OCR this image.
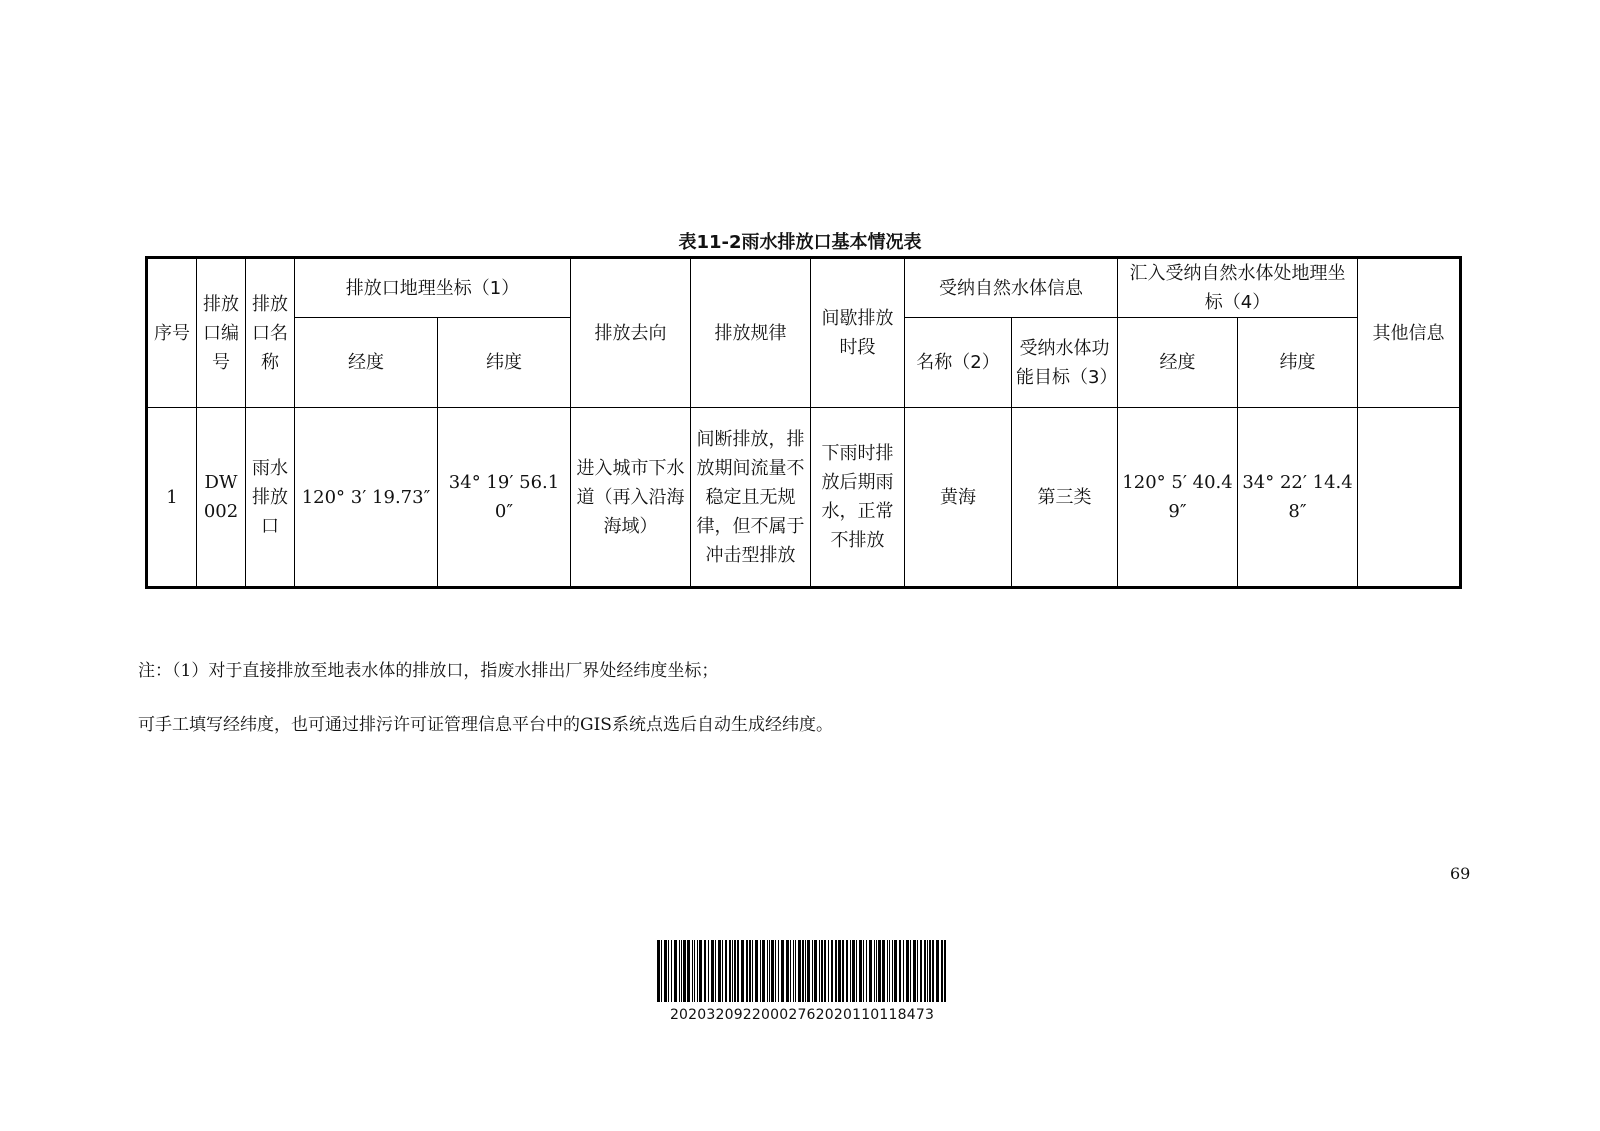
表11-2雨水排放口基本情况表
序号	排放口编号	排放口名称	排放口地理坐标（1）		排放去向	排放规律	间歇排放时段	受纳自然水体信息		汇入受纳自然水体处地理坐标（4）		其他信息
			经度	纬度				名称（2）	受纳水体功能目标（3）	经度	纬度	
1	DW002	雨水排放口	120° 3′ 19.73″	34° 19′ 56.10″	进入城市下水道（再入沿海海域）	间断排放，排放期间流量不稳定且无规律，但不属于冲击型排放	下雨时排放后期雨水，正常不排放	黄海	第三类	120° 5′ 40.49″	34° 22′ 14.48″	
注：（1）对于直接排放至地表水体的排放口，指废水排出厂界处经纬度坐标；
可手工填写经纬度，也可通过排污许可证管理信息平台中的GIS系统点选后自动生成经纬度。
69
20203209220002762020110118473
